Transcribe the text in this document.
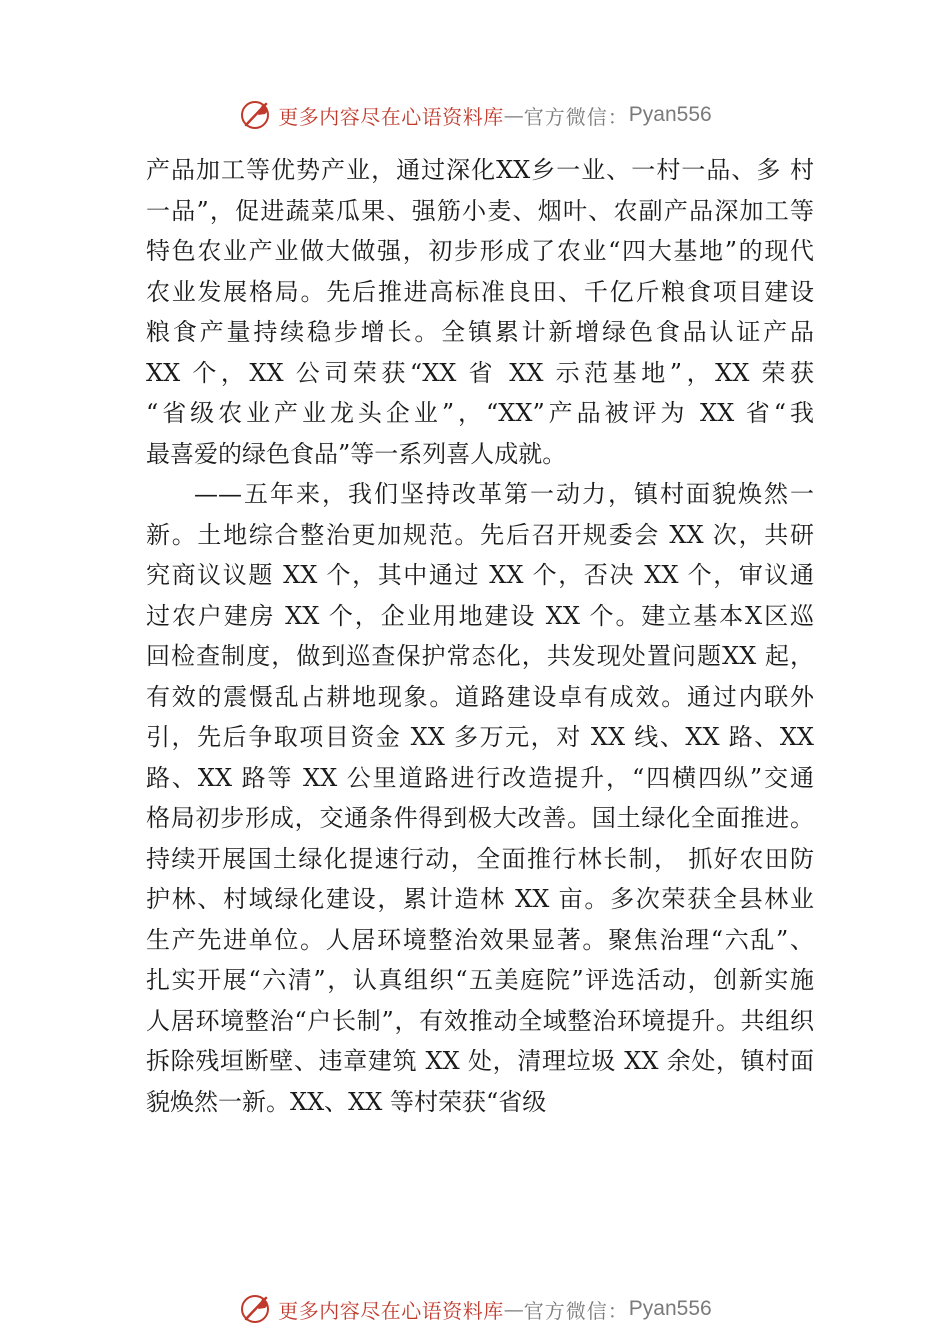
更多内容尽在心语资料库 — 官方微信： Pyan556
产品加工等优势产业，通过深化XX乡一业、一村一品、多 村
一品”，促进蔬菜瓜果、强筋小麦、烟叶、农副产品深加工等
特色农业产业做大做强，初步形成了农业“四大基地”的现代
农业发展格局。先后推进高标准良田、千亿斤粮食项目建设
粮食产量持续稳步增长。全镇累计新增绿色食品认证产品
XX 个，XX 公司荣获“XX 省 XX 示范基地”，XX 荣获
“省级农业产业龙头企业”，“XX”产品被评为 XX 省“我
最喜爱的绿色食品”等一系列喜人成就。
——五年来，我们坚持改革第一动力，镇村面貌焕然一
新。土地综合整治更加规范。先后召开规委会 XX 次，共研
究商议议题 XX 个，其中通过 XX 个，否决 XX 个，审议通
过农户建房 XX 个，企业用地建设 XX 个。建立基本X区巡
回检查制度，做到巡查保护常态化，共发现处置问题XX 起，
有效的震慑乱占耕地现象。道路建设卓有成效。通过内联外
引，先后争取项目资金 XX 多万元，对 XX 线、XX 路、XX
路、XX 路等 XX 公里道路进行改造提升，“四横四纵”交通
格局初步形成，交通条件得到极大改善。国土绿化全面推进。
持续开展国土绿化提速行动，全面推行林长制， 抓好农田防
护林、村域绿化建设，累计造林 XX 亩。多次荣获全县林业
生产先进单位。人居环境整治效果显著。聚焦治理“六乱”、
扎实开展“六清”，认真组织“五美庭院”评选活动，创新实施
人居环境整治“户长制”，有效推动全域整治环境提升。共组织
拆除残垣断壁、违章建筑 XX 处，清理垃圾 XX 余处，镇村面
貌焕然一新。XX、XX 等村荣获“省级
更多内容尽在心语资料库 — 官方微信： Pyan556
